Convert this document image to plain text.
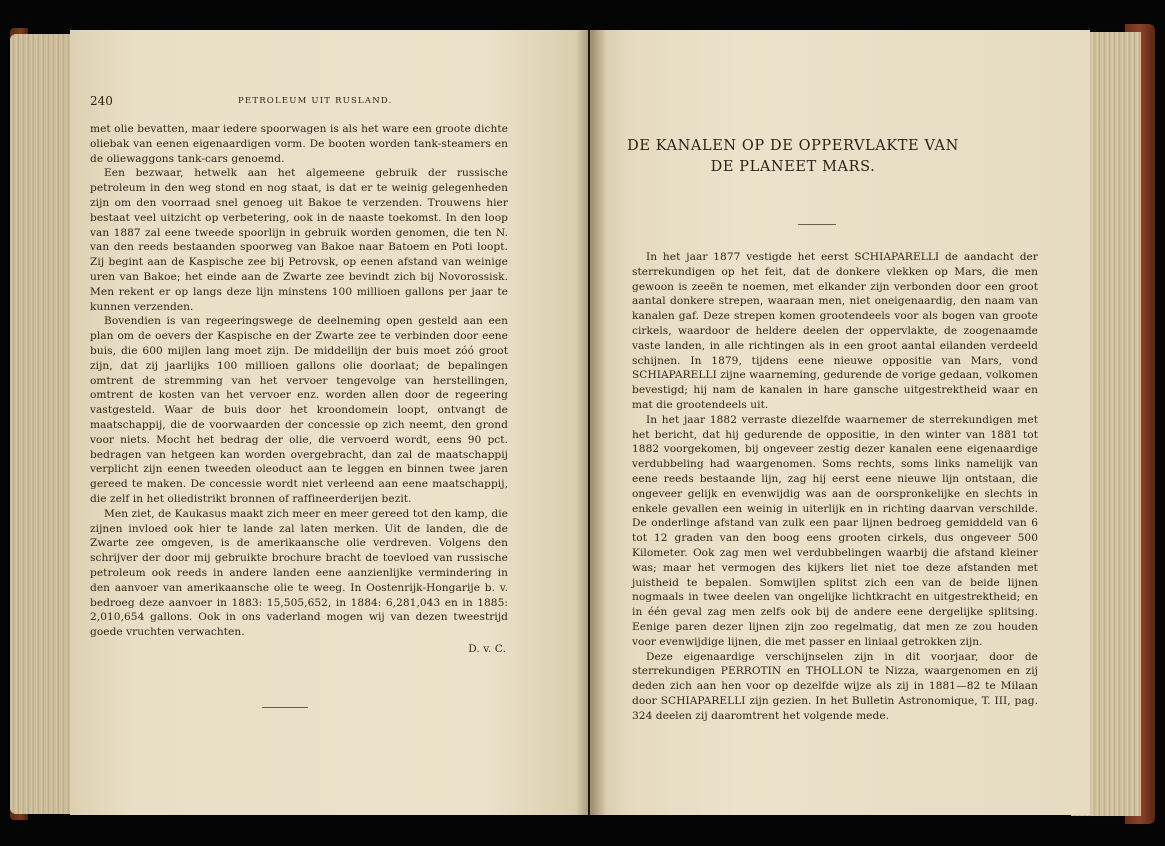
240	PETROLEUM UIT RUSLAND.

met olie bevatten, maar iedere spoorwagen is als het ware een groote dichte oliebak van eenen eigenaardigen vorm. De booten worden tank-steamers en de oliewaggons tank-cars genoemd.

Een bezwaar, hetwelk aan het algemeene gebruik der russische petroleum in den weg stond en nog staat, is dat er te weinig gelegenheden zijn om den voorraad snel genoeg uit Bakoe te verzenden. Trouwens hier bestaat veel uitzicht op verbetering, ook in de naaste toekomst. In den loop van 1887 zal eene tweede spoorlijn in gebruik worden genomen, die ten N. van den reeds bestaanden spoorweg van Bakoe naar Batoem en Poti loopt. Zij begint aan de Kaspische zee bij Petrovsk, op eenen afstand van weinige uren van Bakoe; het einde aan de Zwarte zee bevindt zich bij Novorossisk. Men rekent er op langs deze lijn minstens 100 millioen gallons per jaar te kunnen verzenden.

Bovendien is van regeeringswege de deelneming open gesteld aan een plan om de oevers der Kaspische en der Zwarte zee te verbinden door eene buis, die 600 mijlen lang moet zijn. De middellijn der buis moet zóó groot zijn, dat zij jaarlijks 100 millioen gallons olie doorlaat; de bepalingen omtrent de stremming van het vervoer tengevolge van herstellingen, omtrent de kosten van het vervoer enz. worden allen door de regeering vastgesteld. Waar de buis door het kroondomein loopt, ontvangt de maatschappij, die de voorwaarden der concessie op zich neemt, den grond voor niets. Mocht het bedrag der olie, die vervoerd wordt, eens 90 pct. bedragen van hetgeen kan worden overgebracht, dan zal de maatschappij verplicht zijn eenen tweeden oleoduct aan te leggen en binnen twee jaren gereed te maken. De concessie wordt niet verleend aan eene maatschappij, die zelf in het oliedistrikt bronnen of raffineerderijen bezit.

Men ziet, de Kaukasus maakt zich meer en meer gereed tot den kamp, die zijnen invloed ook hier te lande zal laten merken. Uit de landen, die de Zwarte zee omgeven, is de amerikaansche olie verdreven. Volgens den schrijver der door mij gebruikte brochure bracht de toevloed van russische petroleum ook reeds in andere landen eene aanzienlijke vermindering in den aanvoer van amerikaansche olie te weeg. In Oostenrijk-Hongarije b. v. bedroeg deze aanvoer in 1883: 15,505,652, in 1884: 6,281,043 en in 1885: 2,010,654 gallons. Ook in ons vaderland mogen wij van dezen tweestrijd goede vruchten verwachten.

D. v. C.
DE KANALEN OP DE OPPERVLAKTE VAN
DE PLANEET MARS.

In het jaar 1877 vestigde het eerst SCHIAPARELLI de aandacht der sterrekundigen op het feit, dat de donkere vlekken op Mars, die men gewoon is zeeën te noemen, met elkander zijn verbonden door een groot aantal donkere strepen, waaraan men, niet oneigenaardig, den naam van kanalen gaf. Deze strepen komen grootendeels voor als bogen van groote cirkels, waardoor de heldere deelen der oppervlakte, de zoogenaamde vaste landen, in alle richtingen als in een groot aantal eilanden verdeeld schijnen. In 1879, tijdens eene nieuwe oppositie van Mars, vond SCHIAPARELLI zijne waarneming, gedurende de vorige gedaan, volkomen bevestigd; hij nam de kanalen in hare gansche uitgestrektheid waar en mat die grootendeels uit.

In het jaar 1882 verraste diezelfde waarnemer de sterrekundigen met het bericht, dat hij gedurende de oppositie, in den winter van 1881 tot 1882 voorgekomen, bij ongeveer zestig dezer kanalen eene eigenaardige verdubbeling had waargenomen. Soms rechts, soms links namelijk van eene reeds bestaande lijn, zag hij eerst eene nieuwe lijn ontstaan, die ongeveer gelijk en evenwijdig was aan de oorspronkelijke en slechts in enkele gevallen een weinig in uiterlijk en in richting daarvan verschilde. De onderlinge afstand van zulk een paar lijnen bedroeg gemiddeld van 6 tot 12 graden van den boog eens grooten cirkels, dus ongeveer 500 Kilometer. Ook zag men wel verdubbelingen waarbij die afstand kleiner was; maar het vermogen des kijkers liet niet toe deze afstanden met juistheid te bepalen. Somwijlen splitst zich een van de beide lijnen nogmaals in twee deelen van ongelijke lichtkracht en uitgestrektheid; en in één geval zag men zelfs ook bij de andere eene dergelijke splitsing. Eenige paren dezer lijnen zijn zoo regelmatig, dat men ze zou houden voor evenwijdige lijnen, die met passer en liniaal getrokken zijn.

Deze eigenaardige verschijnselen zijn in dit voorjaar, door de sterrekundigen PERROTIN en THOLLON te Nizza, waargenomen en zij deden zich aan hen voor op dezelfde wijze als zij in 1881—82 te Milaan door SCHIAPARELLI zijn gezien. In het Bulletin Astronomique, T. III, pag. 324 deelen zij daaromtrent het volgende mede.
